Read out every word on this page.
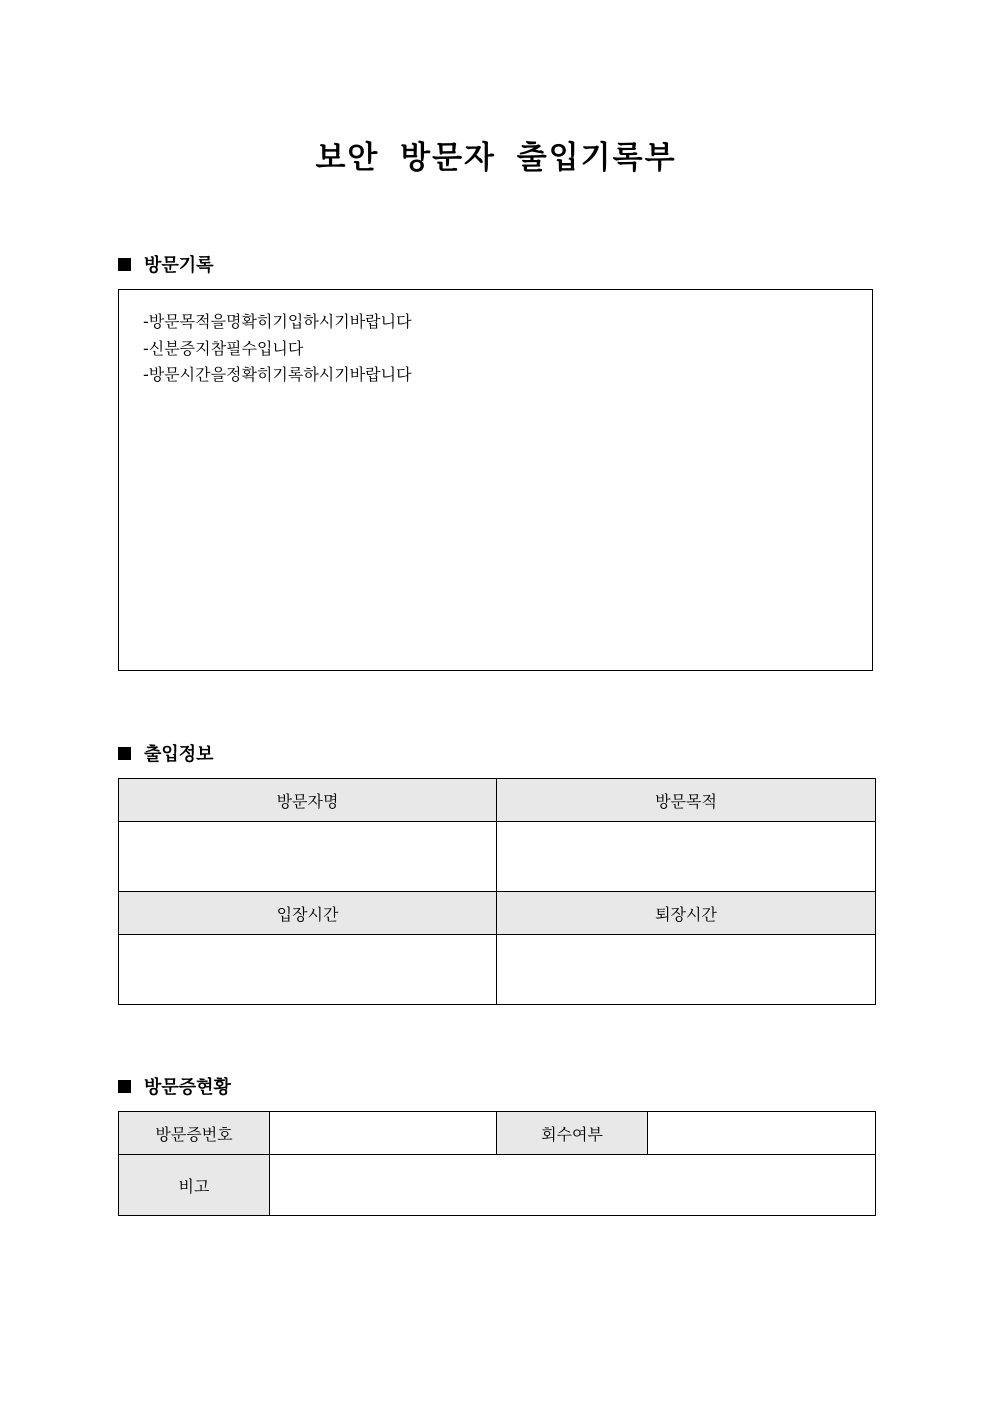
보안 방문자 출입기록부
방문기록
-방문목적을명확히기입하시기바랍니다
-신분증지참필수입니다
-방문시간을정확히기록하시기바랍니다
출입정보
방문자명	방문목적

입장시간	퇴장시간

방문증현황
방문증번호		회수여부	
비고			
